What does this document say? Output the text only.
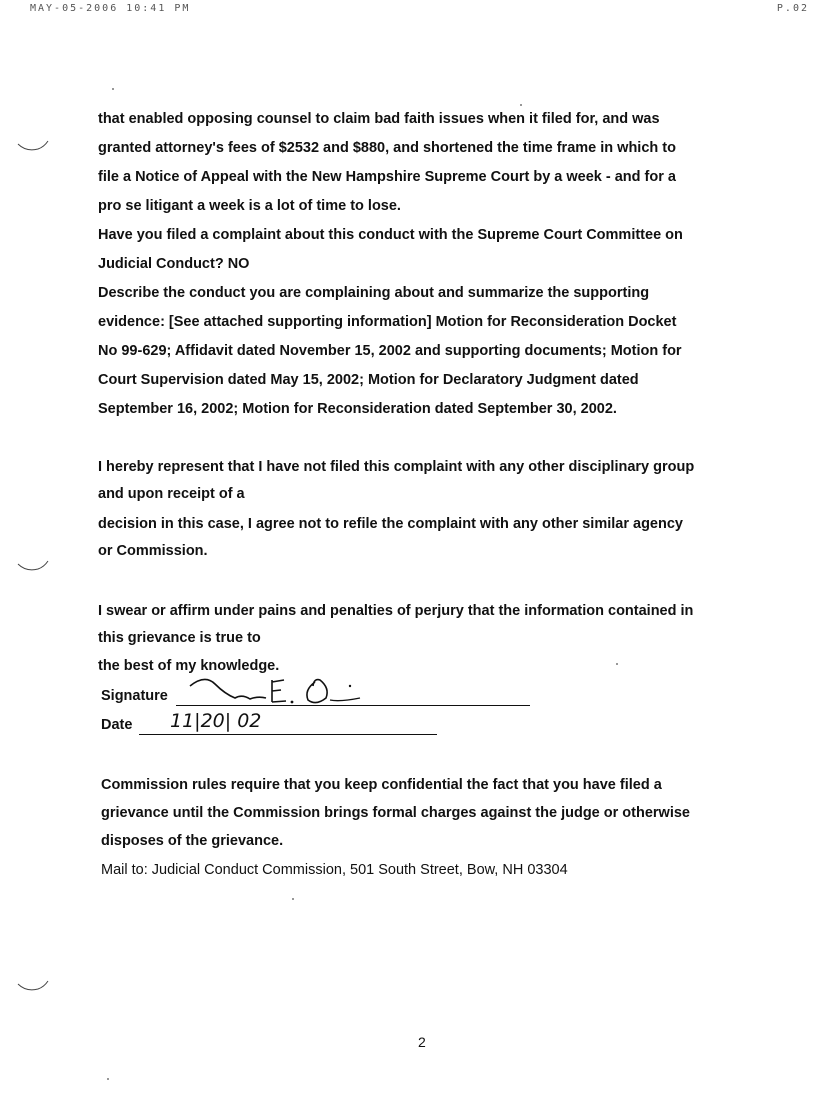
MAY-05-2006 10:41 PM	P.02
that enabled opposing counsel to claim bad faith issues when it filed for, and was
granted attorney's fees of $2532 and $880, and shortened the time frame in which to
file a Notice of Appeal with the New Hampshire Supreme Court by a week - and for a
pro se litigant a week is a lot of time to lose.
Have you filed a complaint about this conduct with the Supreme Court Committee on
Judicial Conduct? NO
Describe the conduct you are complaining about and summarize the supporting
evidence: [See attached supporting information] Motion for Reconsideration Docket
No 99-629; Affidavit dated November 15, 2002 and supporting documents; Motion for
Court Supervision dated May 15, 2002; Motion for Declaratory Judgment dated
September 16, 2002; Motion for Reconsideration dated September 30, 2002.
I hereby represent that I have not filed this complaint with any other disciplinary group
and upon receipt of a
decision in this case, I agree not to refile the complaint with any other similar agency
or Commission.
I swear or affirm under pains and penalties of perjury that the information contained in
this grievance is true to
the best of my knowledge.
Signature
Date 11|20| 02
Commission rules require that you keep confidential the fact that you have filed a
grievance until the Commission brings formal charges against the judge or otherwise
disposes of the grievance.
Mail to: Judicial Conduct Commission, 501 South Street, Bow, NH 03304
2
